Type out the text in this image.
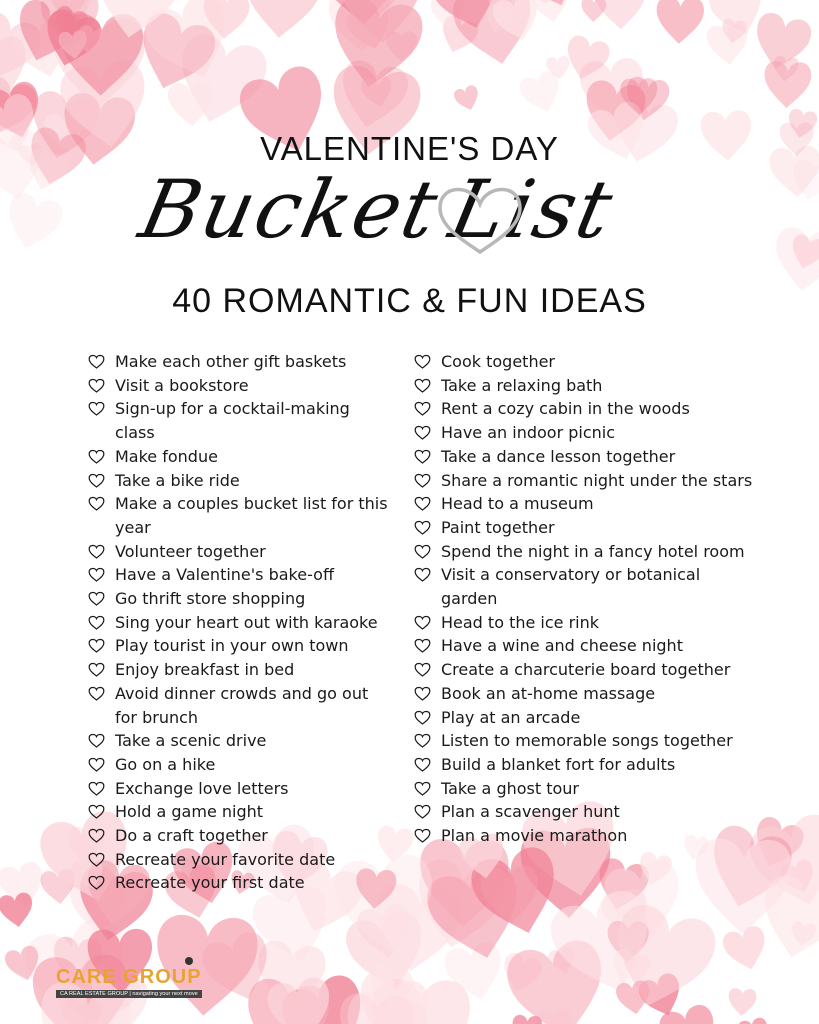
VALENTINE'S DAY
Bucket
List
40 ROMANTIC & FUN IDEAS
Make each other gift baskets
Visit a bookstore
Sign-up for a cocktail-making class
Make fondue
Take a bike ride
Make a couples bucket list for this year
Volunteer together
Have a Valentine's bake-off
Go thrift store shopping
Sing your heart out with karaoke
Play tourist in your own town
Enjoy breakfast in bed
Avoid dinner crowds and go out for brunch
Take a scenic drive
Go on a hike
Exchange love letters
Hold a game night
Do a craft together
Recreate your favorite date
Recreate your first date
Cook together
Take a relaxing bath
Rent a cozy cabin in the woods
Have an indoor picnic
Take a dance lesson together
Share a romantic night under the stars
Head to a museum
Paint together
Spend the night in a fancy hotel room
Visit a conservatory or botanical garden
Head to the ice rink
Have a wine and cheese night
Create a charcuterie board together
Book an at-home massage
Play at an arcade
Listen to memorable songs together
Build a blanket fort for adults
Take a ghost tour
Plan a scavenger hunt
Plan a movie marathon
CARE GROUP
CA REAL ESTATE GROUP | navigating your next move
